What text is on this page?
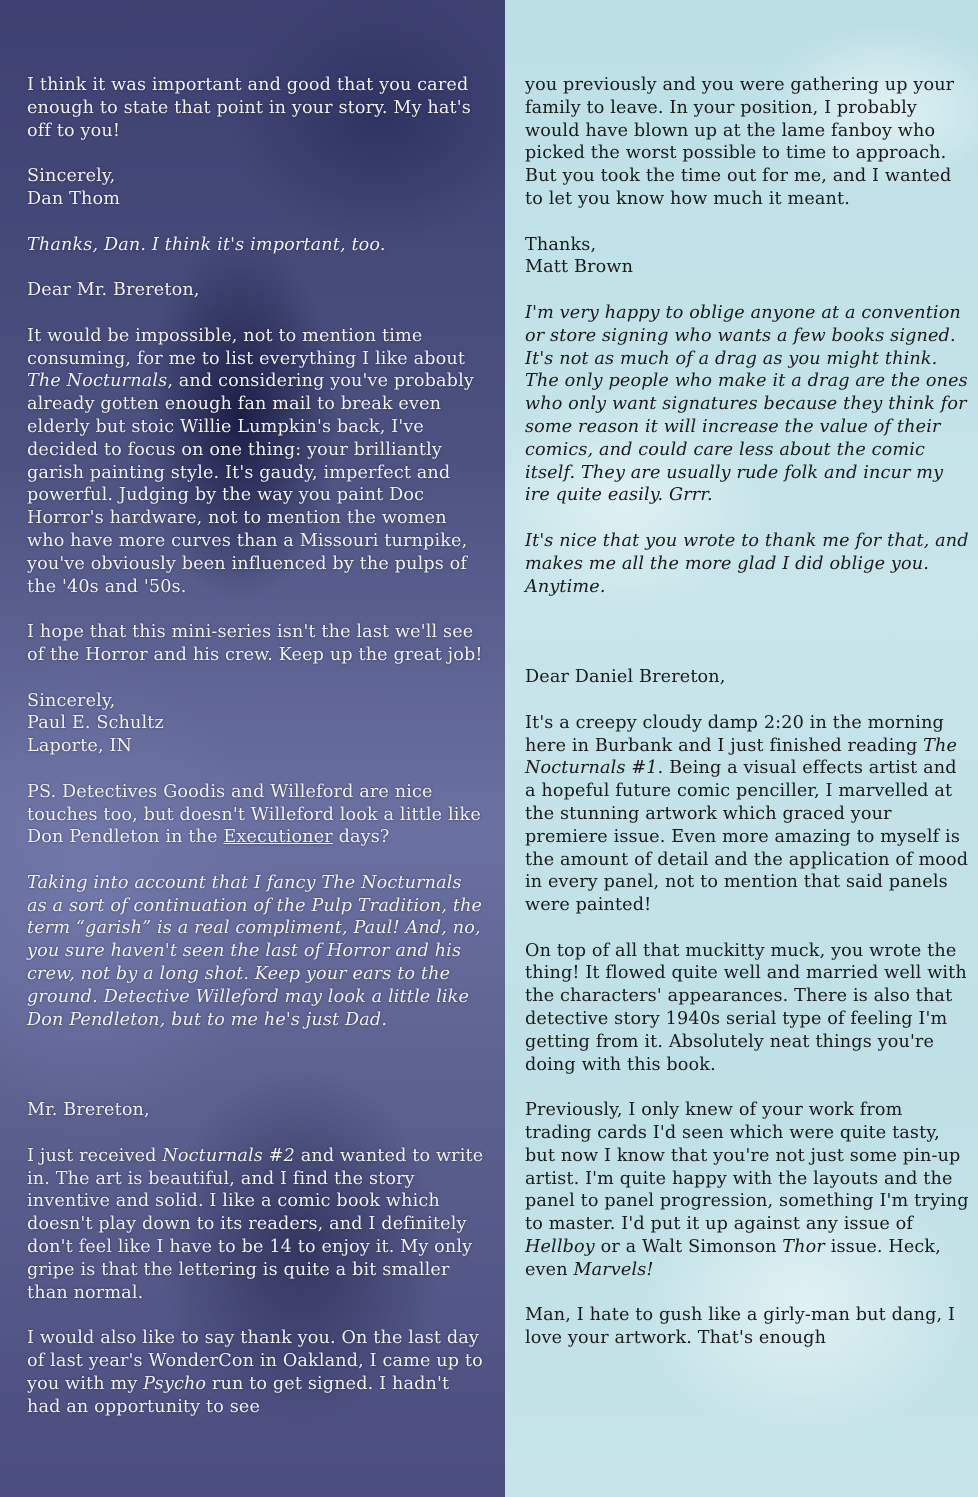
I think it was important and good that you cared enough to state that point in your story. My hat's off to you!

Sincerely,
Dan Thom

Thanks, Dan. I think it's important, too.

Dear Mr. Brereton,

It would be impossible, not to mention time consuming, for me to list everything I like about The Nocturnals, and considering you've probably already gotten enough fan mail to break even elderly but stoic Willie Lumpkin's back, I've decided to focus on one thing: your brilliantly garish painting style. It's gaudy, imperfect and powerful. Judging by the way you paint Doc Horror's hardware, not to mention the women who have more curves than a Missouri turnpike, you've obviously been influenced by the pulps of the '40s and '50s.

I hope that this mini-series isn't the last we'll see of the Horror and his crew. Keep up the great job!

Sincerely,
Paul E. Schultz
Laporte, IN

PS. Detectives Goodis and Willeford are nice touches too, but doesn't Willeford look a little like Don Pendleton in the Executioner days?

Taking into account that I fancy The Nocturnals as a sort of continuation of the Pulp Tradition, the term “garish” is a real compliment, Paul! And, no, you sure haven't seen the last of Horror and his crew, not by a long shot. Keep your ears to the ground. Detective Willeford may look a little like Don Pendleton, but to me he's just Dad.

Mr. Brereton,

I just received Nocturnals #2 and wanted to write in. The art is beautiful, and I find the story inventive and solid. I like a comic book which doesn't play down to its readers, and I definitely don't feel like I have to be 14 to enjoy it. My only gripe is that the lettering is quite a bit smaller than normal.

I would also like to say thank you. On the last day of last year's WonderCon in Oakland, I came up to you with my Psycho run to get signed. I hadn't had an opportunity to see

you previously and you were gathering up your family to leave. In your position, I probably would have blown up at the lame fanboy who picked the worst possible to time to approach. But you took the time out for me, and I wanted to let you know how much it meant.

Thanks,
Matt Brown

I'm very happy to oblige anyone at a convention or store signing who wants a few books signed. It's not as much of a drag as you might think. The only people who make it a drag are the ones who only want signatures because they think for some reason it will increase the value of their comics, and could care less about the comic itself. They are usually rude folk and incur my ire quite easily. Grrr.

It's nice that you wrote to thank me for that, and makes me all the more glad I did oblige you. Anytime.

Dear Daniel Brereton,

It's a creepy cloudy damp 2:20 in the morning here in Burbank and I just finished reading The Nocturnals #1. Being a visual effects artist and a hopeful future comic penciller, I marvelled at the stunning artwork which graced your premiere issue. Even more amazing to myself is the amount of detail and the application of mood in every panel, not to mention that said panels were painted!

On top of all that muckitty muck, you wrote the thing! It flowed quite well and married well with the characters' appearances. There is also that detective story 1940s serial type of feeling I'm getting from it. Absolutely neat things you're doing with this book.

Previously, I only knew of your work from trading cards I'd seen which were quite tasty, but now I know that you're not just some pin-up artist. I'm quite happy with the layouts and the panel to panel progression, something I'm trying to master. I'd put it up against any issue of Hellboy or a Walt Simonson Thor issue. Heck, even Marvels!

Man, I hate to gush like a girly-man but dang, I love your artwork. That's enough
